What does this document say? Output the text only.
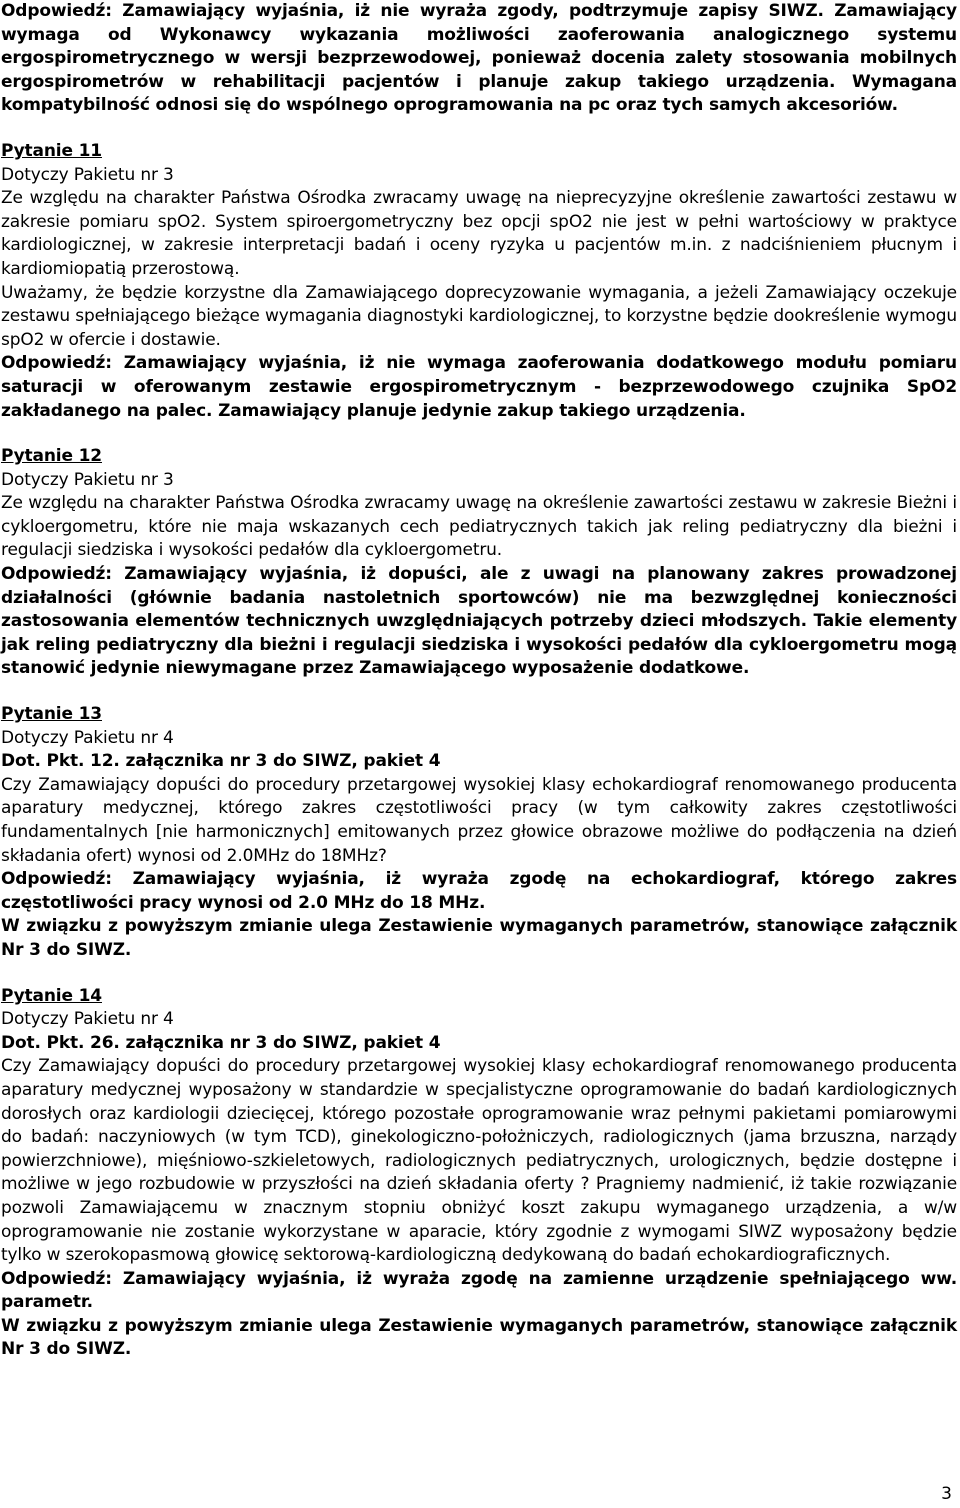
Odpowiedź: Zamawiający wyjaśnia, iż nie wyraża zgody, podtrzymuje zapisy SIWZ. Zamawiający wymaga od Wykonawcy wykazania możliwości zaoferowania analogicznego systemu ergospirometrycznego w wersji bezprzewodowej, ponieważ docenia zalety stosowania mobilnych ergospirometrów w rehabilitacji pacjentów i planuje zakup takiego urządzenia. Wymagana kompatybilność odnosi się do wspólnego oprogramowania na pc oraz tych samych akcesoriów.

Pytanie 11

Dotyczy Pakietu nr 3

Ze względu na charakter Państwa Ośrodka zwracamy uwagę na nieprecyzyjne określenie zawartości zestawu w zakresie pomiaru spO2. System spiroergometryczny bez opcji spO2 nie jest w pełni wartościowy w praktyce kardiologicznej, w zakresie interpretacji badań i oceny ryzyka u pacjentów m.in. z nadciśnieniem płucnym i kardiomiopatią przerostową.

Uważamy, że będzie korzystne dla Zamawiającego doprecyzowanie wymagania, a jeżeli Zamawiający oczekuje zestawu spełniającego bieżące wymagania diagnostyki kardiologicznej, to korzystne będzie dookreślenie wymogu spO2 w ofercie i dostawie.

Odpowiedź: Zamawiający wyjaśnia, iż nie wymaga zaoferowania dodatkowego modułu pomiaru saturacji w oferowanym zestawie ergospirometrycznym - bezprzewodowego czujnika SpO2 zakładanego na palec. Zamawiający planuje jedynie zakup takiego urządzenia.

Pytanie 12

Dotyczy Pakietu nr 3

Ze względu na charakter Państwa Ośrodka zwracamy uwagę na określenie zawartości zestawu w zakresie Bieżni i cykloergometru, które nie maja wskazanych cech pediatrycznych takich jak reling pediatryczny dla bieżni i regulacji siedziska i wysokości pedałów dla cykloergometru.

Odpowiedź: Zamawiający wyjaśnia, iż dopuści, ale z uwagi na planowany zakres prowadzonej działalności (głównie badania nastoletnich sportowców) nie ma bezwzględnej konieczności zastosowania elementów technicznych uwzględniających potrzeby dzieci młodszych. Takie elementy jak reling pediatryczny dla bieżni i regulacji siedziska i wysokości pedałów dla cykloergometru mogą stanowić jedynie niewymagane przez Zamawiającego wyposażenie dodatkowe.

Pytanie 13

Dotyczy Pakietu nr 4

Dot. Pkt. 12. załącznika nr 3 do SIWZ, pakiet 4

Czy Zamawiający dopuści do procedury przetargowej wysokiej klasy echokardiograf renomowanego producenta aparatury medycznej, którego zakres częstotliwości pracy (w tym całkowity zakres częstotliwości fundamentalnych [nie harmonicznych] emitowanych przez głowice obrazowe możliwe do podłączenia na dzień składania ofert) wynosi od 2.0MHz do 18MHz?

Odpowiedź: Zamawiający wyjaśnia, iż wyraża zgodę na echokardiograf, którego zakres częstotliwości pracy wynosi od 2.0 MHz do 18 MHz.

W związku z powyższym zmianie ulega Zestawienie wymaganych parametrów, stanowiące załącznik Nr 3 do SIWZ.

Pytanie 14

Dotyczy Pakietu nr 4

Dot. Pkt. 26. załącznika nr 3 do SIWZ, pakiet 4

Czy Zamawiający dopuści do procedury przetargowej wysokiej klasy echokardiograf renomowanego producenta aparatury medycznej wyposażony w standardzie w specjalistyczne oprogramowanie do badań kardiologicznych dorosłych oraz kardiologii dziecięcej, którego pozostałe oprogramowanie wraz pełnymi pakietami pomiarowymi do badań: naczyniowych (w tym TCD), ginekologiczno-położniczych, radiologicznych (jama brzuszna, narządy powierzchniowe), mięśniowo-szkieletowych, radiologicznych pediatrycznych, urologicznych, będzie dostępne i możliwe w jego rozbudowie w przyszłości na dzień składania oferty ? Pragniemy nadmienić, iż takie rozwiązanie pozwoli Zamawiającemu w znacznym stopniu obniżyć koszt zakupu wymaganego urządzenia, a w/w oprogramowanie nie zostanie wykorzystane w aparacie, który zgodnie z wymogami SIWZ wyposażony będzie tylko w szerokopasmową głowicę sektorową-kardiologiczną dedykowaną do badań echokardiograficznych.

Odpowiedź: Zamawiający wyjaśnia, iż wyraża zgodę na zamienne urządzenie spełniającego ww. parametr.

W związku z powyższym zmianie ulega Zestawienie wymaganych parametrów, stanowiące załącznik Nr 3 do SIWZ.

3
